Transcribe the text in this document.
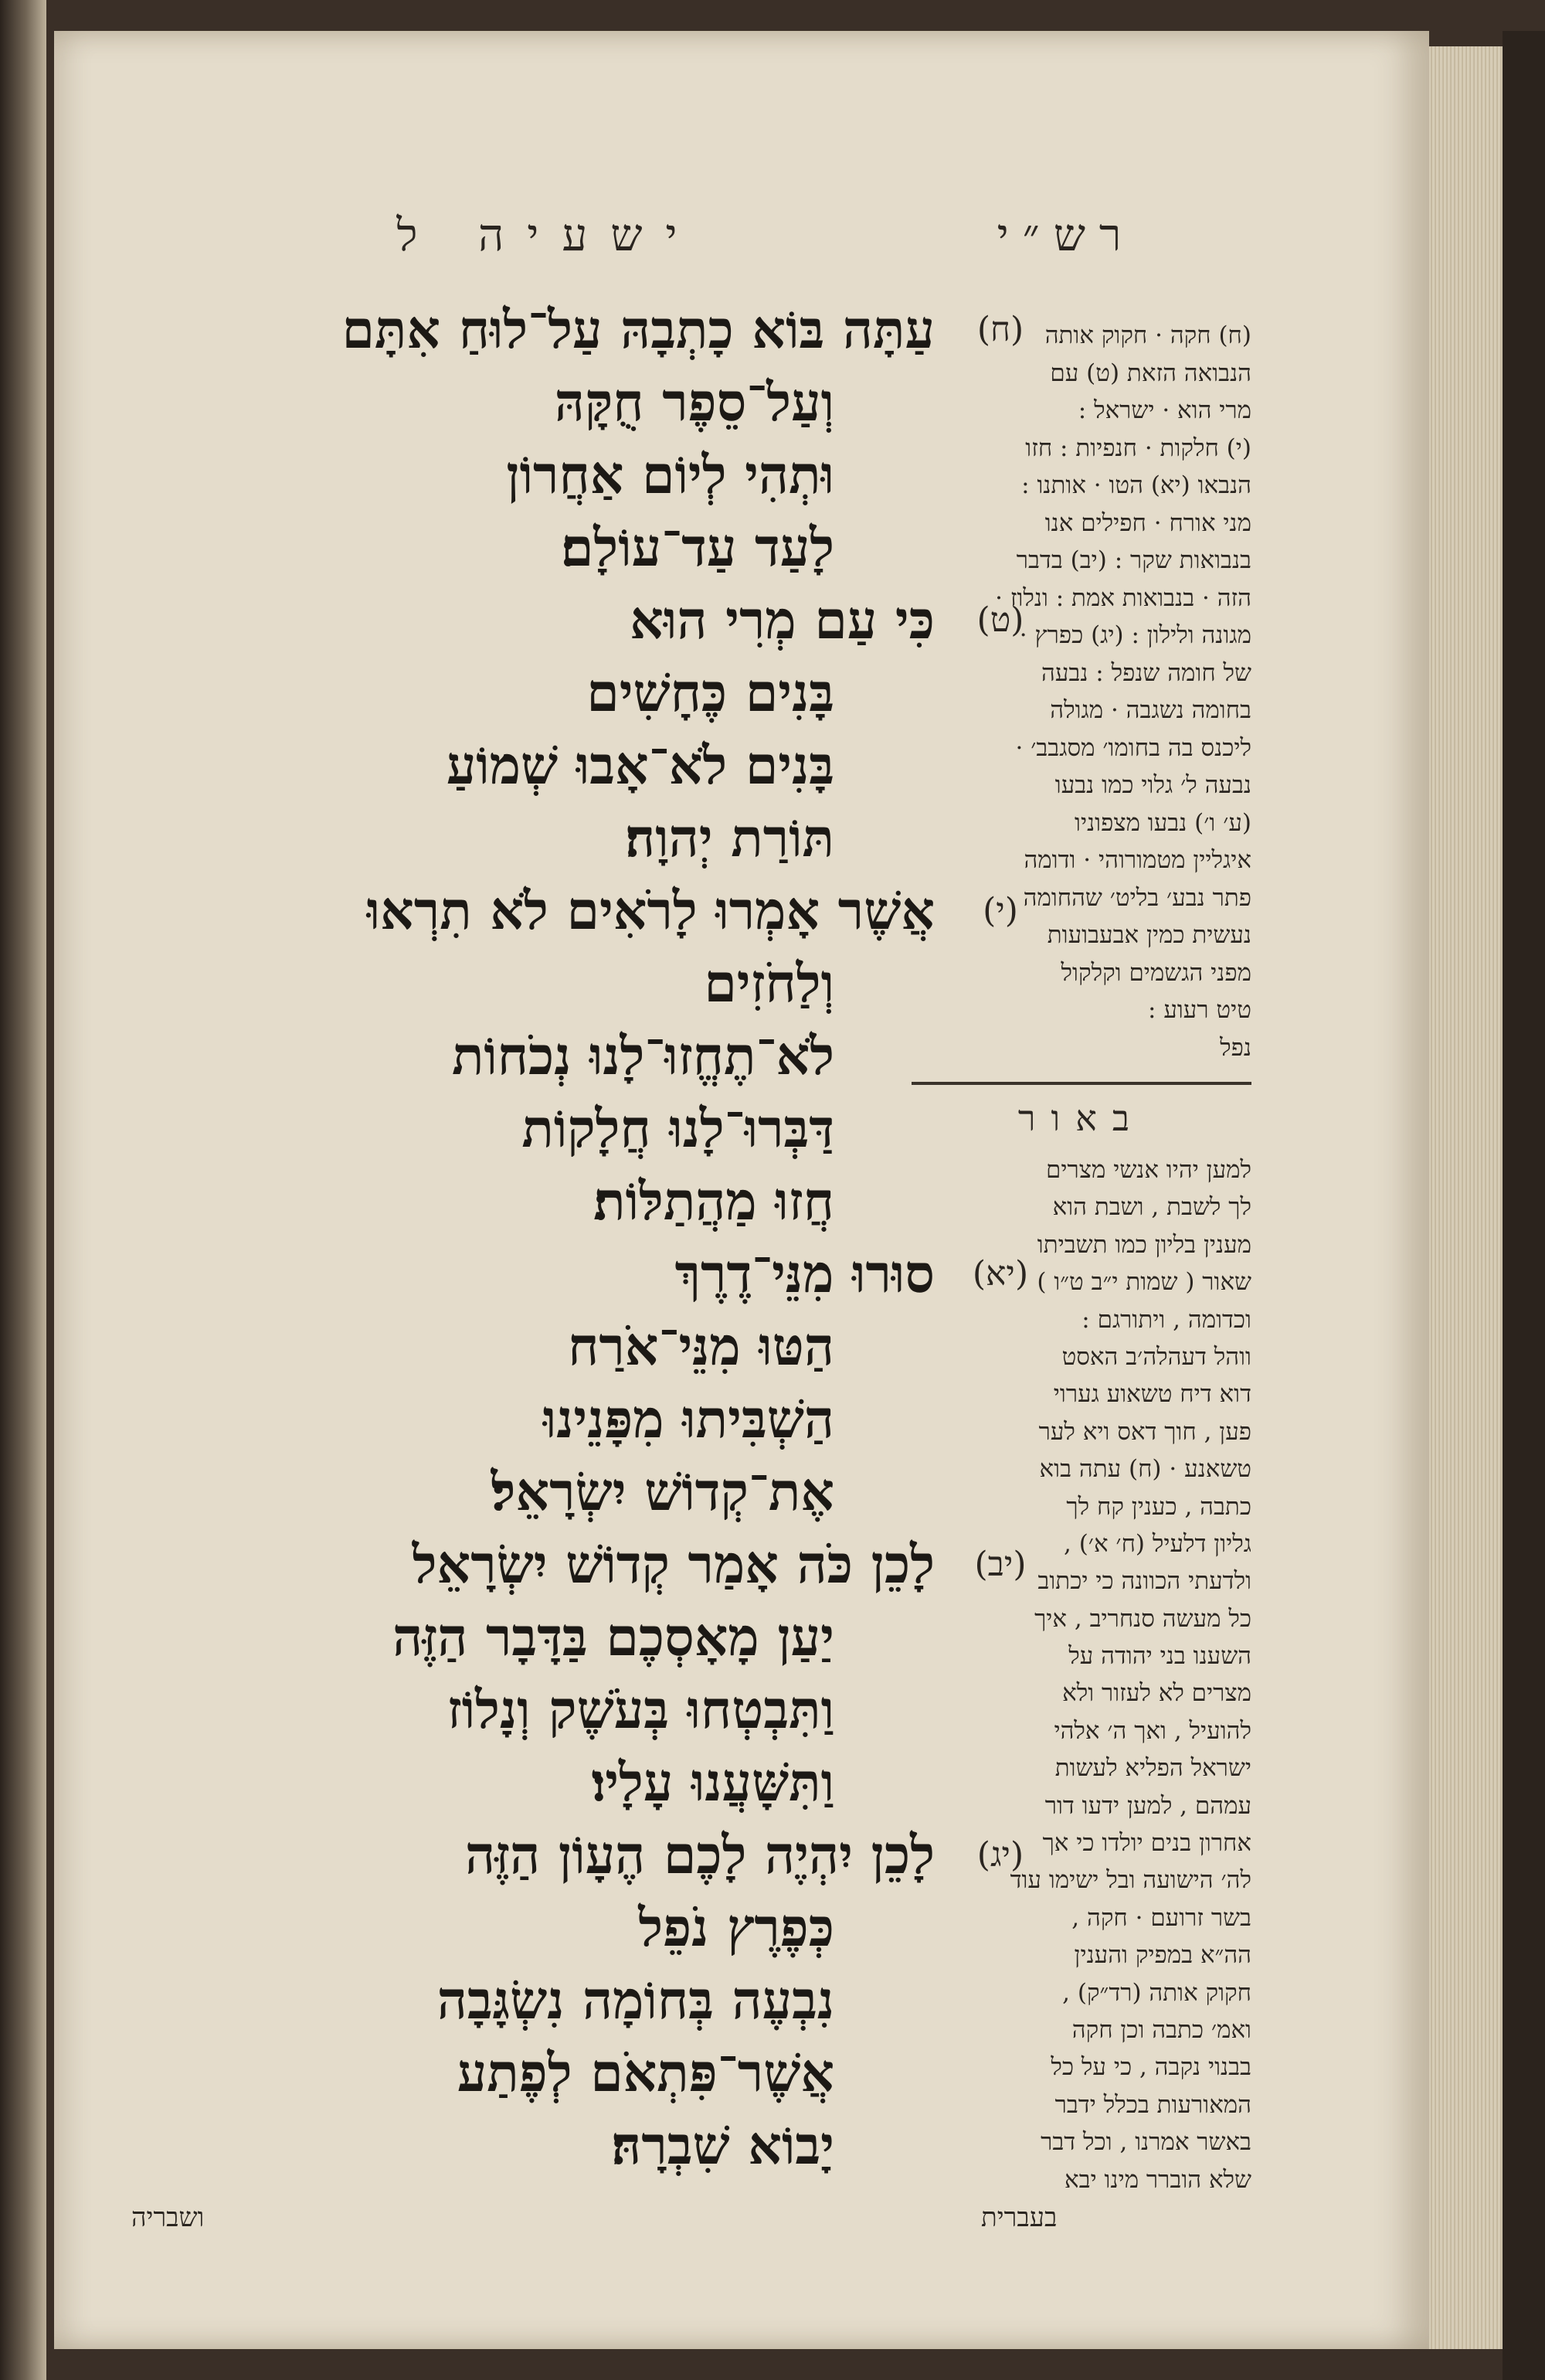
ישעיה ל	רש״י
(ח)
עַתָּה בּוֹא כָתְבָהּ עַל־לוּחַ אִתָּם
וְעַל־סֵפֶר חֻקָּהּ
וּתְהִי לְיוֹם אַחֲרוֹן
לָעַד עַד־עוֹלָם׃
(ט)
כִּי עַם מְרִי הוּא
בָּנִים כֶּחָשִׁים
בָּנִים לֹא־אָבוּ שְׁמוֹעַ
תּוֹרַת יְהוָה׃
(י)
אֲשֶׁר אָמְרוּ לָרֹאִים לֹא תִרְאוּ
וְלַחֹזִים
לֹא־תֶחֱזוּ־לָנוּ נְכֹחוֹת
דַּבְּרוּ־לָנוּ חֲלָקוֹת
חֲזוּ מַהֲתַלּוֹת׃
(יא)
סוּרוּ מִנֵּי־דֶרֶךְ
הַטּוּ מִנֵּי־אֹרַח
הַשְׁבִּיתוּ מִפָּנֵינוּ
אֶת־קְדוֹשׁ יִשְׂרָאֵל׃
(יב)
לָכֵן כֹּה אָמַר קְדוֹשׁ יִשְׂרָאֵל
יַעַן מָאָסְכֶם בַּדָּבָר הַזֶּה
וַתִּבְטְחוּ בְּעֹשֶׁק וְנָלוֹז
וַתִּשָּׁעֲנוּ עָלָיו׃
(יג)
לָכֵן יִהְיֶה לָכֶם הֶעָוֹן הַזֶּה
כְּפֶרֶץ נֹפֵל
נִבְעֶה בְּחוֹמָה נִשְׂגָּבָה
אֲשֶׁר־פִּתְאֹם לְפֶתַע
יָבוֹא שִׁבְרָהּ׃
(ח) חקה · חקוק אותה
הנבואה הזאת (ט) עם
מרי הוא · ישראל :
(י) חלקות · חנפיות : חזו
הנבאו (יא) הטו · אותנו :
מני אורח · חפילים אנו
בנבואות שקר : (יב) בדבר
הזה · בנבואות אמת : ונלוז ·
מגונה ולילון : (יג) כפרץ ·
של חומה שנפל : נבעה
בחומה נשגבה · מגולה
ליכנס בה בחומו׳ מסגבב׳ ·
נבעה ל׳ גלוי כמו נבעו
(ע׳ ו׳) נבעו מצפוניו
איגליין מטמורוהי · ודומה
פתר נבע׳ בליט׳ שהחומה
נעשית כמין אבעבועות
מפני הגשמים וקלקול
טיט רעוע :
נפל
באור
למען יהיו אנשי מצרים
לך לשבת , ושבת הוא
מענין בליון כמו תשביתו
שאור ( שמות י״ב ט״ו )
וכדומה , ויתורגם :
ווהל דעהלה׳ב האסט
דוא דיח טשאוע גערוי
פען , חוך דאס ויא לער
טשאנע · (ח) עתה בוא
כתבה , כענין קח לך
גליון דלעיל (ח׳ א׳) ,
ולדעתי הכוונה כי יכתוב
כל מעשה סנחריב , איך
השענו בני יהודה על
מצרים לא לעזור ולא
להועיל , ואך ה׳ אלהי
ישראל הפליא לעשות
עמהם , למען ידעו דור
אחרון בנים יולדו כי אך
לה׳ הישועה ובל ישימו עוד
בשר זרועם · חקה ,
הה״א במפיק והענין
חקוק אותה (רד״ק) ,
ואמ׳ כתבה וכן חקה
בבנוי נקבה , כי על כל
המאורעות בכלל ידבר
באשר אמרנו , וכל דבר
שלא הוברר מינו יבא
ושבריה	בעברית
